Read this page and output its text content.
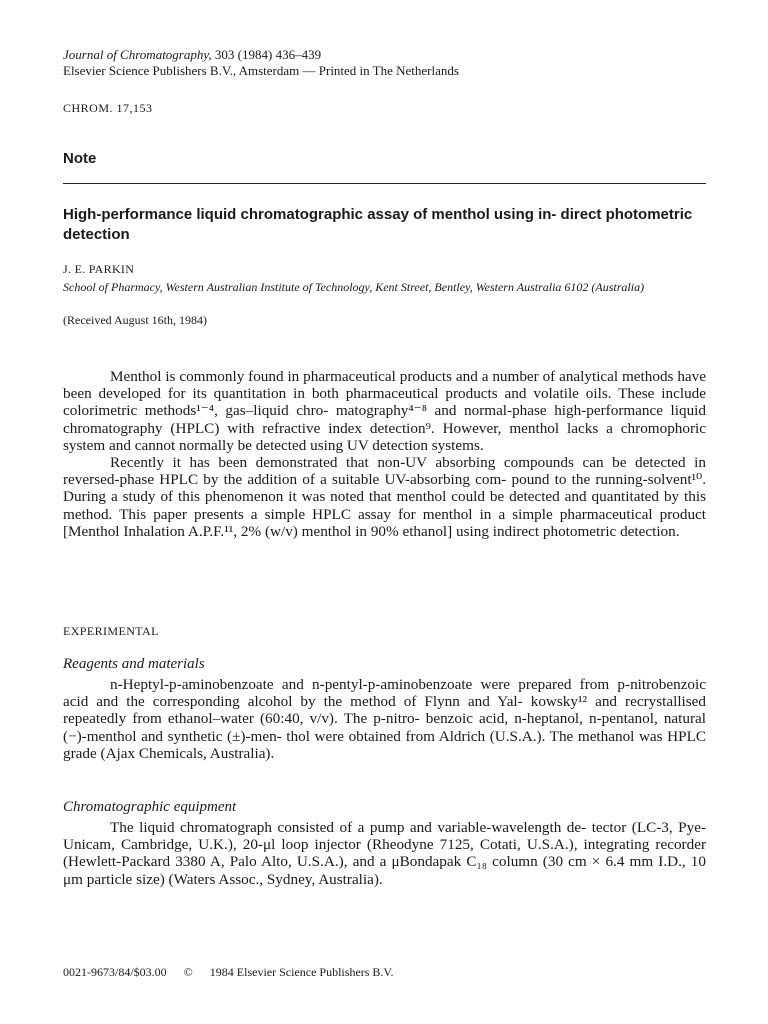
Journal of Chromatography, 303 (1984) 436–439
Elsevier Science Publishers B.V., Amsterdam — Printed in The Netherlands
CHROM. 17,153
Note
High-performance liquid chromatographic assay of menthol using in- direct photometric detection
J. E. PARKIN
School of Pharmacy, Western Australian Institute of Technology, Kent Street, Bentley, Western Australia 6102 (Australia)
(Received August 16th, 1984)

Menthol is commonly found in pharmaceutical products and a number of analytical methods have been developed for its quantitation in both pharmaceutical products and volatile oils. These include colorimetric methods¹⁻⁴, gas–liquid chro- matography⁴⁻⁸ and normal-phase high-performance liquid chromatography (HPLC) with refractive index detection⁹. However, menthol lacks a chromophoric system and cannot normally be detected using UV detection systems.

Recently it has been demonstrated that non-UV absorbing compounds can be detected in reversed-phase HPLC by the addition of a suitable UV-absorbing com- pound to the running-solvent¹⁰. During a study of this phenomenon it was noted that menthol could be detected and quantitated by this method. This paper presents a simple HPLC assay for menthol in a simple pharmaceutical product [Menthol Inhalation A.P.F.¹¹, 2% (w/v) menthol in 90% ethanol] using indirect photometric detection.

EXPERIMENTAL
Reagents and materials

n-Heptyl-p-aminobenzoate and n-pentyl-p-aminobenzoate were prepared from p-nitrobenzoic acid and the corresponding alcohol by the method of Flynn and Yal- kowsky¹² and recrystallised repeatedly from ethanol–water (60:40, v/v). The p-nitro- benzoic acid, n-heptanol, n-pentanol, natural (−)-menthol and synthetic (±)-men- thol were obtained from Aldrich (U.S.A.). The methanol was HPLC grade (Ajax Chemicals, Australia).

Chromatographic equipment

The liquid chromatograph consisted of a pump and variable-wavelength de- tector (LC-3, Pye-Unicam, Cambridge, U.K.), 20-μl loop injector (Rheodyne 7125, Cotati, U.S.A.), integrating recorder (Hewlett-Packard 3380 A, Palo Alto, U.S.A.), and a μBondapak C₁₈ column (30 cm × 6.4 mm I.D., 10 μm particle size) (Waters Assoc., Sydney, Australia).

0021-9673/84/$03.00 © 1984 Elsevier Science Publishers B.V.
